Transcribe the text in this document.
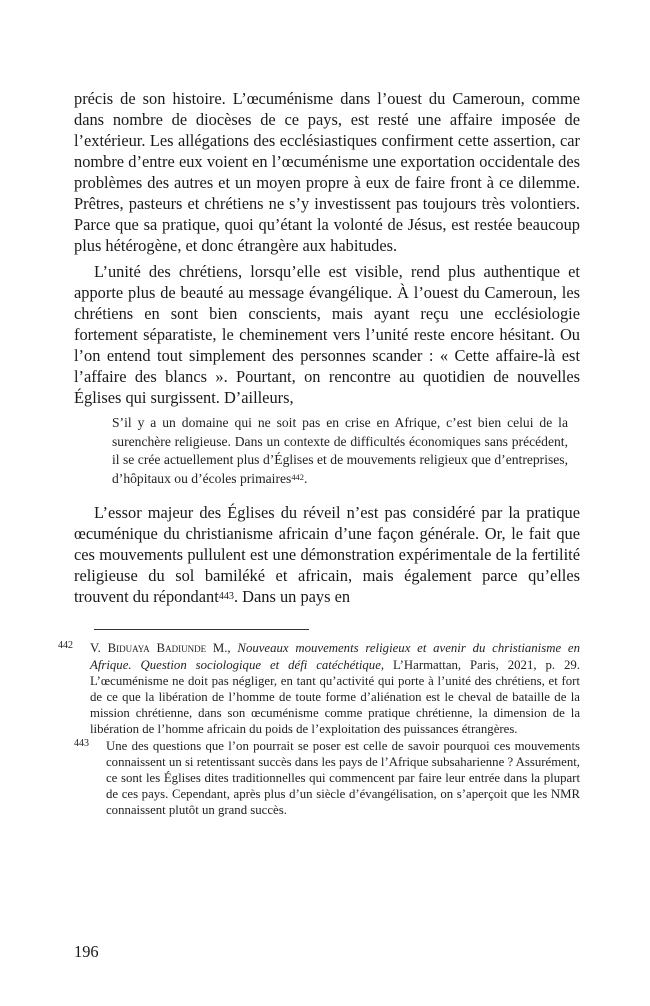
précis de son histoire. L’œcuménisme dans l’ouest du Cameroun, comme dans nombre de diocèses de ce pays, est resté une affaire imposée de l’extérieur. Les allégations des ecclésiastiques confirment cette assertion, car nombre d’entre eux voient en l’œcuménisme une exportation occidentale des problèmes des autres et un moyen propre à eux de faire front à ce dilemme. Prêtres, pasteurs et chrétiens ne s’y investissent pas toujours très volontiers. Parce que sa pratique, quoi qu’étant la volonté de Jésus, est restée beaucoup plus hétérogène, et donc étrangère aux habitudes.

L’unité des chrétiens, lorsqu’elle est visible, rend plus authentique et apporte plus de beauté au message évangélique. À l’ouest du Cameroun, les chrétiens en sont bien conscients, mais ayant reçu une ecclésiologie fortement séparatiste, le cheminement vers l’unité reste encore hésitant. Ou l’on entend tout simplement des personnes scander : « Cette affaire-là est l’affaire des blancs ». Pourtant, on rencontre au quotidien de nouvelles Églises qui surgissent. D’ailleurs,

S’il y a un domaine qui ne soit pas en crise en Afrique, c’est bien celui de la surenchère religieuse. Dans un contexte de difficultés économiques sans précédent, il se crée actuellement plus d’Églises et de mouvements religieux que d’entreprises, d’hôpitaux ou d’écoles primaires$^{442}$.

L’essor majeur des Églises du réveil n’est pas considéré par la pratique œcuménique du christianisme africain d’une façon générale. Or, le fait que ces mouvements pullulent est une démonstration expérimentale de la fertilité religieuse du sol bamiléké et africain, mais également parce qu’elles trouvent du répondant$^{443}$. Dans un pays en

442 V. Biduaya Badiunde M., Nouveaux mouvements religieux et avenir du christianisme en Afrique. Question sociologique et défi catéchétique, L’Harmattan, Paris, 2021, p. 29. L’œcuménisme ne doit pas négliger, en tant qu’activité qui porte à l’unité des chrétiens, et fort de ce que la libération de l’homme de toute forme d’aliénation est le cheval de bataille de la mission chrétienne, dans son œcuménisme comme pratique chrétienne, la dimension de la libération de l’homme africain du poids de l’exploitation des puissances étrangères.
443	Une des questions que l’on pourrait se poser est celle de savoir pourquoi ces mouvements connaissent un si retentissant succès dans les pays de l’Afrique subsaharienne ? Assurément, ce sont les Églises dites traditionnelles qui commencent par faire leur entrée dans la plupart de ces pays. Cependant, après plus d’un siècle d’évangélisation, on s’aperçoit que les NMR connaissent plutôt un grand succès.
196
